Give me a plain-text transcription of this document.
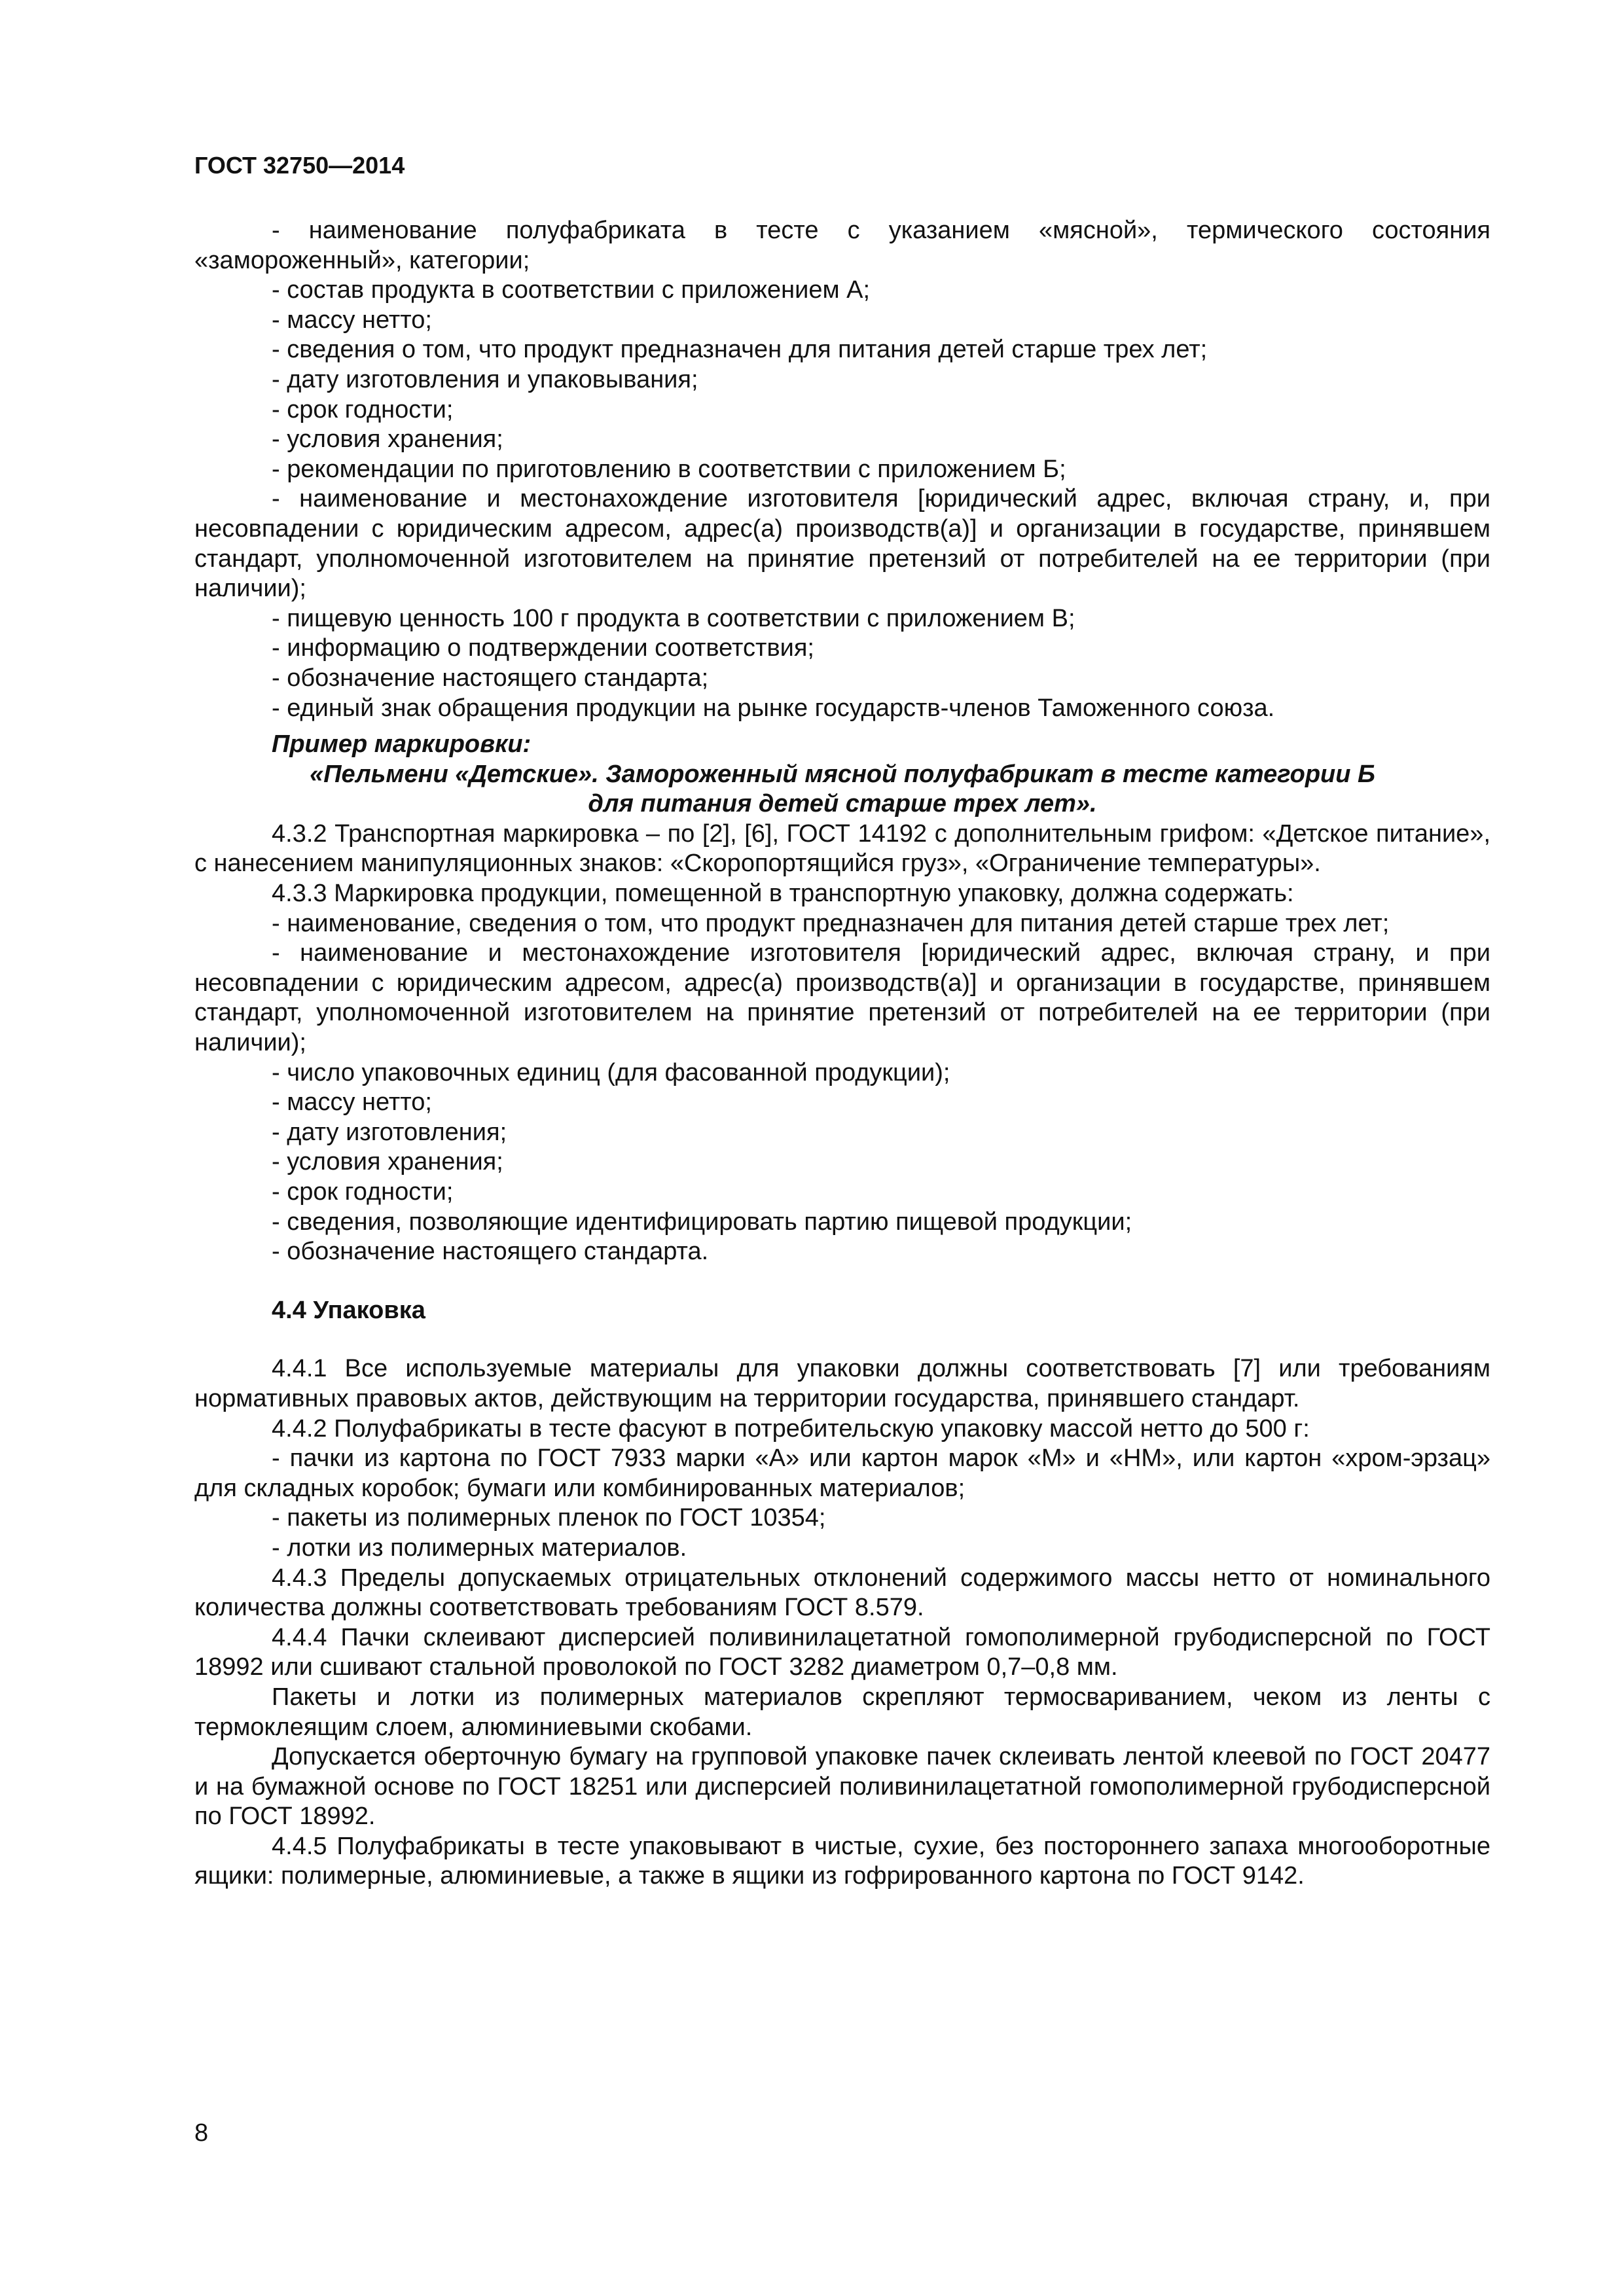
ГОСТ 32750—2014

- наименование полуфабриката в тесте с указанием «мясной», термического состояния «замороженный», категории;

- состав продукта в соответствии с приложением А;

- массу нетто;

- сведения о том, что продукт предназначен для питания детей старше трех лет;

- дату изготовления и упаковывания;

- срок годности;

- условия хранения;

- рекомендации по приготовлению в соответствии с приложением Б;

- наименование и местонахождение изготовителя [юридический адрес, включая страну, и, при несовпадении с юридическим адресом, адрес(а) производств(а)] и организации в государстве, принявшем стандарт, уполномоченной изготовителем на принятие претензий от потребителей на ее территории (при наличии);

- пищевую ценность 100 г продукта в соответствии с приложением В;

- информацию о подтверждении соответствия;

- обозначение настоящего стандарта;

- единый знак обращения продукции на рынке государств-членов Таможенного союза.

Пример маркировки:

«Пельмени «Детские». Замороженный мясной полуфабрикат в тесте категории Б

для питания детей старше трех лет».

4.3.2 Транспортная маркировка – по [2], [6], ГОСТ 14192 с дополнительным грифом: «Детское питание», с нанесением манипуляционных знаков: «Скоропортящийся груз», «Ограничение температуры».

4.3.3 Маркировка продукции, помещенной в транспортную упаковку, должна содержать:

- наименование, сведения о том, что продукт предназначен для питания детей старше трех лет;

- наименование и местонахождение изготовителя [юридический адрес, включая страну, и при несовпадении с юридическим адресом, адрес(а) производств(а)] и организации в государстве, принявшем стандарт, уполномоченной изготовителем на принятие претензий от потребителей на ее территории (при наличии);

- число упаковочных единиц (для фасованной продукции);

- массу нетто;

- дату изготовления;

- условия хранения;

- срок годности;

- сведения, позволяющие идентифицировать партию пищевой продукции;

- обозначение настоящего стандарта.

4.4 Упаковка

4.4.1 Все используемые материалы для упаковки должны соответствовать [7] или требованиям нормативных правовых актов, действующим на территории государства, принявшего стандарт.

4.4.2 Полуфабрикаты в тесте фасуют в потребительскую упаковку массой нетто до 500 г:

- пачки из картона по ГОСТ 7933 марки «А» или картон марок «М» и «НМ», или картон «хром-эрзац» для складных коробок; бумаги или комбинированных материалов;

- пакеты из полимерных пленок по ГОСТ 10354;

- лотки из полимерных материалов.

4.4.3 Пределы допускаемых отрицательных отклонений содержимого массы нетто от номинального количества должны соответствовать требованиям ГОСТ 8.579.

4.4.4 Пачки склеивают дисперсией поливинилацетатной гомополимерной грубодисперсной по ГОСТ 18992 или сшивают стальной проволокой по ГОСТ 3282 диаметром 0,7–0,8 мм.

Пакеты и лотки из полимерных материалов скрепляют термосвариванием, чеком из ленты с термоклеящим слоем, алюминиевыми скобами.

Допускается оберточную бумагу на групповой упаковке пачек склеивать лентой клеевой по ГОСТ 20477 и на бумажной основе по ГОСТ 18251 или дисперсией поливинилацетатной гомополимерной грубодисперсной по ГОСТ 18992.

4.4.5 Полуфабрикаты в тесте упаковывают в чистые, сухие, без постороннего запаха многооборотные ящики: полимерные, алюминиевые, а также в ящики из гофрированного картона по ГОСТ 9142.

8
